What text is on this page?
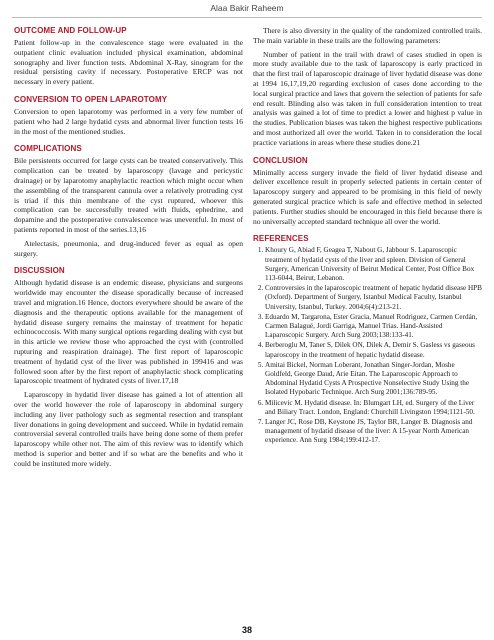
Alaa Bakir Raheem
OUTCOME AND FOLLOW-UP

Patient follow-up in the convalescence stage were evaluated in the outpatient clinic evaluation included physical examination, abdominal sonography and liver function tests. Abdominal X-Ray, sinogram for the residual persisting cavity if necessary. Postoperative ERCP was not necessary in every patient.

CONVERSION TO OPEN LAPAROTOMY

Conversion to open laparotomy was performed in a very few number of patient who had 2 large hydatid cysts and abnormal liver function tests 16 in the most of the mentioned studies.

COMPLICATIONS

Bile persistents occurred for large cysts can be treated conservatively. This complication can be treated by laparoscopy (lavage and pericystic drainage) or by laparotomy anaphylactic reaction which might occur when the assembling of the transparent cannula over a relatively protruding cyst is triad if this thin membrane of the cyst ruptured, whoever this complication can be successfully treated with fluids, ephedrine, and dopamine and the postoperative convalescence was uneventful. In most of patients reported in most of the series.13,16

Atelectasis, pneumonia, and drug-induced fever as equal as open surgery.

DISCUSSION

Although hydatid disease is an endemic disease, physicians and surgeons worldwide may encounter the disease sporadically because of increased travel and migration.16 Hence, doctors everywhere should be aware of the diagnosis and the therapeutic options available for the management of hydatid disease surgery remains the mainstay of treatment for hepatic echinococcosis. With many surgical options regarding dealing with cyst but in this article we review those who approached the cyst with (controlled rupturing and reaspiration drainage). The first report of laparoscopic treatment of hydatid cyst of the liver was published in 199416 and was followed soon after by the first report of anaphylactic shock complicating laparoscopic treatment of hydrated cysts of liver.17,18

Laparoscopy in hydatid liver disease has gained a lot of attention all over the world however the role of laparoscopy in abdominal surgery including any liver pathology such as segmental resection and transplant liver donations in going development and succeed. While in hydatid remain controversial several controlled trails have being done some of them prefer laparoscopy while other not. The aim of this review was to identify which method is superior and better and if so what are the benefits and who it could be instituted more widely.

There is also diversity in the quality of the randomized controlled trails. The main variable in these trails are the following parameters:

Number of patient in the trail with drawl of cases studied in open is more study available due to the task of laparoscopy is early practiced in that the first trail of laparoscopic drainage of liver hydatid disease was done at 1994 16,17,19,20 regarding exclusion of cases done according to the local surgical practice and laws that govern the selection of patients for safe end result. Blinding also was taken in full consideration intention to treat analysis was gained a lot of time to predict a lower and highest p value in the studies. Publication biases was taken the highest respective publications and most authorized all over the world. Taken in to consideration the local practice variations in areas where these studies done.21

CONCLUSION

Minimally access surgery invade the field of liver hydatid disease and deliver excellence result in properly selected patients in certain center of laparoscopy surgery and appeared to be promising in this field of newly generated surgical practice which is safe and effective method in selected patients. Further studies should be encouraged in this field because there is no universally accepted standard technique all over the world.

REFERENCES
1. Khoury G, Abiad F, Geagea T, Nabout G, Jabbour S. Laparoscopic treatment of hydatid cysts of the liver and spleen. Division of General Surgery, American University of Beirut Medical Center, Post Office Box 113-6044, Beirut, Lebanon.
2. Controversies in the laparoscopic treatment of hepatic hydatid disease HPB (Oxford). Department of Surgery, Istanbul Medical Faculty, Istanbul University, Istanbul, Turkey. 2004;6(4):213-21.
3. Eduardo M, Targarona, Ester Gracia, Manuel Rodriguez, Carmen Cerdán, Carmen Balagué, Jordi Garriga, Manuel Trias. Hand-Assisted Laparoscopic Surgery. Arch Surg 2003;138:133-41.
4. Berberoglu M, Taner S, Dilek ON, Dilek A, Demir S. Gasless vs gaseous laparoscopy in the treatment of hepatic hydatid disease.
5. Amitai Bickel, Norman Loberant, Jonathan Singer-Jordan, Moshe Goldfeld, George Daud, Arie Eitan. The Laparoscopic Approach to Abdominal Hydatid Cysts A Prospective Nonselective Study Using the Isolated Hypobaric Technique. Arch Surg 2001;136:789-95.
6. Milicevic M. Hydatid disease. In: Blumgart LH, ed. Surgery of the Liver and Biliary Tract. London, England: Churchill Livingston 1994;1121-50.
7. Langer JC, Rose DB, Keystone JS, Taylor BR, Langer B. Diagnosis and management of hydatid disease of the liver: A 15-year North American experience. Ann Surg 1984;199:412-17.
38
